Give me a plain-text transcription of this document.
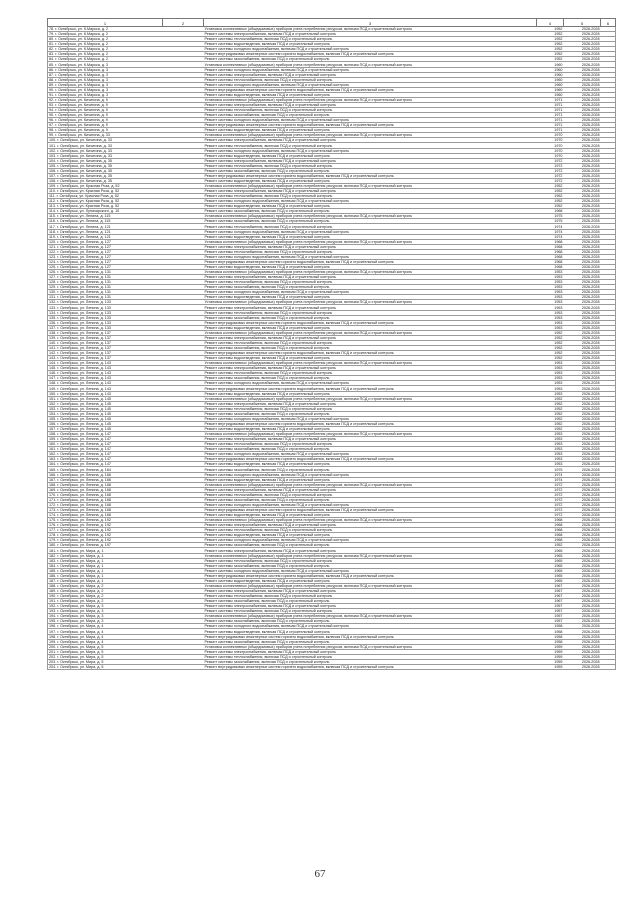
1	2	3	4	5	6
78. г. Октябрьск, ул. К.Маркса, д. 2		Установка коллективных (общедомовых) приборов учета потребления ресурсов, включая ПСД и строительный контроль	1952	2026-2028	
79. г. Октябрьск, ул. К.Маркса, д. 2		Ремонт системы электроснабжения, включая ПСД и строительный контроль	1952	2026-2028	
80. г. Октябрьск, ул. К.Маркса, д. 2		Ремонт системы теплоснабжения, включая ПСД и строительный контроль	1952	2026-2028	
81. г. Октябрьск, ул. К.Маркса, д. 2		Ремонт системы водоотведения, включая ПСД и строительный контроль	1952	2026-2028	
82. г. Октябрьск, ул. К.Маркса, д. 2		Ремонт системы холодного водоснабжения, включая ПСД и строительный контроль	1952	2026-2028	
83. г. Октябрьск, ул. К.Маркса, д. 2		Ремонт внутридомовых инженерных систем горячего водоснабжения, включая ПСД и строительный контроль	1952	2026-2028	
84. г. Октябрьск, ул. К.Маркса, д. 2		Ремонт системы газоснабжения, включая ПСД и строительный контроль	1952	2026-2028	
85. г. Октябрьск, ул. К.Маркса, д. 3		Установка коллективных (общедомовых) приборов учета потребления ресурсов, включая ПСД и строительный контроль	1960	2026-2028	
86. г. Октябрьск, ул. К.Маркса, д. 3		Ремонт системы холодного водоснабжения, включая ПСД и строительный контроль	1960	2026-2028	
87. г. Октябрьск, ул. К.Маркса, д. 3		Ремонт системы электроснабжения, включая ПСД и строительный контроль	1960	2026-2028	
88. г. Октябрьск, ул. К.Маркса, д. 3		Ремонт системы теплоснабжения, включая ПСД и строительный контроль	1960	2026-2028	
89. г. Октябрьск, ул. К.Маркса, д. 3		Ремонт системы холодного водоснабжения, включая ПСД и строительный контроль	1960	2026-2028	
90. г. Октябрьск, ул. К.Маркса, д. 3		Ремонт внутридомовых инженерных систем горячего водоснабжения, включая ПСД и строительный контроль	1960	2026-2028	
91. г. Октябрьск, ул. К.Маркса, д. 3		Ремонт системы водоотведения, включая ПСД и строительный контроль	1960	2026-2028	
92. г. Октябрьск, ул. Кичигина, д. 9		Установка коллективных (общедомовых) приборов учета потребления ресурсов, включая ПСД и строительный контроль	1971	2026-2028	
93. г. Октябрьск, ул. Кичигина, д. 9		Ремонт системы электроснабжения, включая ПСД и строительный контроль	1971	2026-2028	
94. г. Октябрьск, ул. Кичигина, д. 9		Ремонт системы теплоснабжения, включая ПСД и строительный контроль	1971	2026-2028	
95. г. Октябрьск, ул. Кичигина, д. 9		Ремонт системы газоснабжения, включая ПСД и строительный контроль	1971	2026-2028	
96. г. Октябрьск, ул. Кичигина, д. 9		Ремонт системы холодного водоснабжения, включая ПСД и строительный контроль	1971	2026-2028	
97. г. Октябрьск, ул. Кичигина, д. 9		Ремонт внутридомовых инженерных систем горячего водоснабжения, включая ПСД и строительный контроль	1971	2026-2028	
98. г. Октябрьск, ул. Кичигина, д. 9		Ремонт системы водоотведения, включая ПСД и строительный контроль	1971	2026-2028	
99. г. Октябрьск, ул. Кичигина, д. 33		Установка коллективных (общедомовых) приборов учета потребления ресурсов, включая ПСД и строительный контроль	1970	2026-2028	
100. г. Октябрьск, ул. Кичигина, д. 33		Ремонт системы электроснабжения, включая ПСД и строительный контроль	1970	2026-2028	
101. г. Октябрьск, ул. Кичигина, д. 33		Ремонт системы теплоснабжения, включая ПСД и строительный контроль	1970	2026-2028	
102. г. Октябрьск, ул. Кичигина, д. 33		Ремонт системы холодного водоснабжения, включая ПСД и строительный контроль	1970	2026-2028	
103. г. Октябрьск, ул. Кичигина, д. 33		Ремонт системы водоотведения, включая ПСД и строительный контроль	1970	2026-2028	
104. г. Октябрьск, ул. Кичигина, д. 35		Ремонт системы электроснабжения, включая ПСД и строительный контроль	1972	2026-2028	
105. г. Октябрьск, ул. Кичигина, д. 35		Ремонт системы теплоснабжения, включая ПСД и строительный контроль	1972	2026-2028	
106. г. Октябрьск, ул. Кичигина, д. 35		Ремонт системы газоснабжения, включая ПСД и строительный контроль	1972	2026-2028	
107. г. Октябрьск, ул. Кичигина, д. 35		Ремонт внутридомовых инженерных систем горячего водоснабжения, включая ПСД и строительный контроль	1972	2026-2028	
108. г. Октябрьск, ул. Кичигина, д. 35		Ремонт системы водоотведения, включая ПСД и строительный контроль	1972	2026-2028	
109. г. Октябрьск, ул. Красная Роза, д. 52		Установка коллективных (общедомовых) приборов учета потребления ресурсов, включая ПСД и строительный контроль	1952	2026-2028	
110. г. Октябрьск, ул. Красная Роза, д. 52		Ремонт системы электроснабжения, включая ПСД и строительный контроль	1952	2026-2028	
111. г. Октябрьск, ул. Красная Роза, д. 52		Ремонт системы теплоснабжения, включая ПСД и строительный контроль	1952	2026-2028	
112. г. Октябрьск, ул. Красная Роза, д. 52		Ремонт системы холодного водоснабжения, включая ПСД и строительный контроль	1952	2026-2028	
113. г. Октябрьск, ул. Красная Роза, д. 52		Ремонт системы водоотведения, включая ПСД и строительный контроль	1952	2026-2028	
114. г. Октябрьск, ул. Луначарского, д. 10		Ремонт системы газоснабжения, включая ПСД и строительный контроль	1968	2026-2028	
115. г. Октябрьск, ул. Ленина, д. 115		Установка коллективных (общедомовых) приборов учета потребления ресурсов, включая ПСД и строительный контроль	1975	2026-2028	
116. г. Октябрьск, ул. Ленина, д. 115		Ремонт системы газоснабжения, включая ПСД и строительный контроль	1975	2026-2028	
117. г. Октябрьск, ул. Ленина, д. 121		Ремонт системы теплоснабжения, включая ПСД и строительный контроль	1974	2026-2028	
118. г. Октябрьск, ул. Ленина, д. 121		Ремонт системы холодного водоснабжения, включая ПСД и строительный контроль	1974	2026-2028	
119. г. Октябрьск, ул. Ленина, д. 121		Ремонт системы водоотведения, включая ПСД и строительный контроль	1974	2026-2028	
120. г. Октябрьск, ул. Ленина, д. 127		Установка коллективных (общедомовых) приборов учета потребления ресурсов, включая ПСД и строительный контроль	1968	2026-2028	
121. г. Октябрьск, ул. Ленина, д. 127		Ремонт системы электроснабжения, включая ПСД и строительный контроль	1968	2026-2028	
122. г. Октябрьск, ул. Ленина, д. 127		Ремонт системы теплоснабжения, включая ПСД и строительный контроль	1968	2026-2028	
123. г. Октябрьск, ул. Ленина, д. 127		Ремонт системы холодного водоснабжения, включая ПСД и строительный контроль	1968	2026-2028	
124. г. Октябрьск, ул. Ленина, д. 127		Ремонт внутридомовых инженерных систем горячего водоснабжения, включая ПСД и строительный контроль	1968	2026-2028	
125. г. Октябрьск, ул. Ленина, д. 127		Ремонт системы водоотведения, включая ПСД и строительный контроль	1968	2026-2028	
126. г. Октябрьск, ул. Ленина, д. 131		Установка коллективных (общедомовых) приборов учета потребления ресурсов, включая ПСД и строительный контроль	1953	2026-2028	
127. г. Октябрьск, ул. Ленина, д. 131		Ремонт системы электроснабжения, включая ПСД и строительный контроль	1953	2026-2028	
128. г. Октябрьск, ул. Ленина, д. 131		Ремонт системы теплоснабжения, включая ПСД и строительный контроль	1953	2026-2028	
129. г. Октябрьск, ул. Ленина, д. 131		Ремонт системы газоснабжения, включая ПСД и строительный контроль	1953	2026-2028	
130. г. Октябрьск, ул. Ленина, д. 131		Ремонт системы холодного водоснабжения, включая ПСД и строительный контроль	1953	2026-2028	
131. г. Октябрьск, ул. Ленина, д. 131		Ремонт системы водоотведения, включая ПСД и строительный контроль	1953	2026-2028	
132. г. Октябрьск, ул. Ленина, д. 133		Установка коллективных (общедомовых) приборов учета потребления ресурсов, включая ПСД и строительный контроль	1953	2026-2028	
133. г. Октябрьск, ул. Ленина, д. 133		Ремонт системы электроснабжения, включая ПСД и строительный контроль	1953	2026-2028	
134. г. Октябрьск, ул. Ленина, д. 133		Ремонт системы теплоснабжения, включая ПСД и строительный контроль	1953	2026-2028	
135. г. Октябрьск, ул. Ленина, д. 133		Ремонт системы газоснабжения, включая ПСД и строительный контроль	1953	2026-2028	
136. г. Октябрьск, ул. Ленина, д. 133		Ремонт внутридомовых инженерных систем горячего водоснабжения, включая ПСД и строительный контроль	1953	2026-2028	
137. г. Октябрьск, ул. Ленина, д. 133		Ремонт системы водоотведения, включая ПСД и строительный контроль	1953	2026-2028	
138. г. Октябрьск, ул. Ленина, д. 137		Установка коллективных (общедомовых) приборов учета потребления ресурсов, включая ПСД и строительный контроль	1952	2026-2028	
139. г. Октябрьск, ул. Ленина, д. 137		Ремонт системы электроснабжения, включая ПСД и строительный контроль	1952	2026-2028	
140. г. Октябрьск, ул. Ленина, д. 137		Ремонт системы теплоснабжения, включая ПСД и строительный контроль	1952	2026-2028	
141. г. Октябрьск, ул. Ленина, д. 137		Ремонт системы газоснабжения, включая ПСД и строительный контроль	1952	2026-2028	
142. г. Октябрьск, ул. Ленина, д. 137		Ремонт внутридомовых инженерных систем горячего водоснабжения, включая ПСД и строительный контроль	1952	2026-2028	
143. г. Октябрьск, ул. Ленина, д. 137		Ремонт системы водоотведения, включая ПСД и строительный контроль	1952	2026-2028	
144. г. Октябрьск, ул. Ленина, д. 143		Установка коллективных (общедомовых) приборов учета потребления ресурсов, включая ПСД и строительный контроль	1953	2026-2028	
145. г. Октябрьск, ул. Ленина, д. 143		Ремонт системы электроснабжения, включая ПСД и строительный контроль	1953	2026-2028	
146. г. Октябрьск, ул. Ленина, д. 143		Ремонт системы теплоснабжения, включая ПСД и строительный контроль	1953	2026-2028	
147. г. Октябрьск, ул. Ленина, д. 143		Ремонт системы газоснабжения, включая ПСД и строительный контроль	1953	2026-2028	
148. г. Октябрьск, ул. Ленина, д. 143		Ремонт системы холодного водоснабжения, включая ПСД и строительный контроль	1953	2026-2028	
149. г. Октябрьск, ул. Ленина, д. 143		Ремонт внутридомовых инженерных систем горячего водоснабжения, включая ПСД и строительный контроль	1953	2026-2028	
150. г. Октябрьск, ул. Ленина, д. 143		Ремонт системы водоотведения, включая ПСД и строительный контроль	1953	2026-2028	
151. г. Октябрьск, ул. Ленина, д. 145		Установка коллективных (общедомовых) приборов учета потребления ресурсов, включая ПСД и строительный контроль	1952	2026-2028	
152. г. Октябрьск, ул. Ленина, д. 145		Ремонт системы электроснабжения, включая ПСД и строительный контроль	1952	2026-2028	
153. г. Октябрьск, ул. Ленина, д. 145		Ремонт системы теплоснабжения, включая ПСД и строительный контроль	1952	2026-2028	
154. г. Октябрьск, ул. Ленина, д. 145		Ремонт системы газоснабжения, включая ПСД и строительный контроль	1952	2026-2028	
155. г. Октябрьск, ул. Ленина, д. 145		Ремонт системы холодного водоснабжения, включая ПСД и строительный контроль	1952	2026-2028	
156. г. Октябрьск, ул. Ленина, д. 145		Ремонт внутридомовых инженерных систем горячего водоснабжения, включая ПСД и строительный контроль	1952	2026-2028	
157. г. Октябрьск, ул. Ленина, д. 145		Ремонт системы водоотведения, включая ПСД и строительный контроль	1952	2026-2028	
158. г. Октябрьск, ул. Ленина, д. 147		Установка коллективных (общедомовых) приборов учета потребления ресурсов, включая ПСД и строительный контроль	1953	2026-2028	
159. г. Октябрьск, ул. Ленина, д. 147		Ремонт системы электроснабжения, включая ПСД и строительный контроль	1953	2026-2028	
160. г. Октябрьск, ул. Ленина, д. 147		Ремонт системы теплоснабжения, включая ПСД и строительный контроль	1953	2026-2028	
161. г. Октябрьск, ул. Ленина, д. 147		Ремонт системы газоснабжения, включая ПСД и строительный контроль	1953	2026-2028	
162. г. Октябрьск, ул. Ленина, д. 147		Ремонт системы холодного водоснабжения, включая ПСД и строительный контроль	1953	2026-2028	
163. г. Октябрьск, ул. Ленина, д. 147		Ремонт внутридомовых инженерных систем горячего водоснабжения, включая ПСД и строительный контроль	1953	2026-2028	
164. г. Октябрьск, ул. Ленина, д. 147		Ремонт системы водоотведения, включая ПСД и строительный контроль	1953	2026-2028	
165. г. Октябрьск, ул. Ленина, д. 164		Ремонт системы газоснабжения, включая ПСД и строительный контроль	1975	2026-2028	
166. г. Октябрьск, ул. Ленина, д. 166		Ремонт системы холодного водоснабжения, включая ПСД и строительный контроль	1974	2026-2028	
167. г. Октябрьск, ул. Ленина, д. 166		Ремонт системы водоотведения, включая ПСД и строительный контроль	1974	2026-2028	
168. г. Октябрьск, ул. Ленина, д. 168		Установка коллективных (общедомовых) приборов учета потребления ресурсов, включая ПСД и строительный контроль	1972	2026-2028	
169. г. Октябрьск, ул. Ленина, д. 168		Ремонт системы электроснабжения, включая ПСД и строительный контроль	1972	2026-2028	
170. г. Октябрьск, ул. Ленина, д. 168		Ремонт системы теплоснабжения, включая ПСД и строительный контроль	1972	2026-2028	
171. г. Октябрьск, ул. Ленина, д. 168		Ремонт системы газоснабжения, включая ПСД и строительный контроль	1972	2026-2028	
172. г. Октябрьск, ул. Ленина, д. 168		Ремонт системы холодного водоснабжения, включая ПСД и строительный контроль	1972	2026-2028	
173. г. Октябрьск, ул. Ленина, д. 168		Ремонт внутридомовых инженерных систем горячего водоснабжения, включая ПСД и строительный контроль	1972	2026-2028	
174. г. Октябрьск, ул. Ленина, д. 168		Ремонт системы водоотведения, включая ПСД и строительный контроль	1972	2026-2028	
175. г. Октябрьск, ул. Ленина, д. 192		Установка коллективных (общедомовых) приборов учета потребления ресурсов, включая ПСД и строительный контроль	1968	2026-2028	
176. г. Октябрьск, ул. Ленина, д. 192		Ремонт системы электроснабжения, включая ПСД и строительный контроль	1968	2026-2028	
177. г. Октябрьск, ул. Ленина, д. 192		Ремонт системы теплоснабжения, включая ПСД и строительный контроль	1968	2026-2028	
178. г. Октябрьск, ул. Ленина, д. 192		Ремонт системы водоотведения, включая ПСД и строительный контроль	1968	2026-2028	
179. г. Октябрьск, ул. Ленина, д. 192		Ремонт системы холодного водоснабжения, включая ПСД и строительный контроль	1968	2026-2028	
180. г. Октябрьск, ул. Ленина, д. 197		Ремонт системы газоснабжения, включая ПСД и строительный контроль	1952	2026-2028	
181. г. Октябрьск, ул. Мира, д. 1		Ремонт системы электроснабжения, включая ПСД и строительный контроль	1965	2026-2028	
182. г. Октябрьск, ул. Мира, д. 1		Установка коллективных (общедомовых) приборов учета потребления ресурсов, включая ПСД и строительный контроль	1965	2026-2028	
183. г. Октябрьск, ул. Мира, д. 1		Ремонт системы теплоснабжения, включая ПСД и строительный контроль	1965	2026-2028	
184. г. Октябрьск, ул. Мира, д. 1		Ремонт системы газоснабжения, включая ПСД и строительный контроль	1965	2026-2028	
185. г. Октябрьск, ул. Мира, д. 1		Ремонт системы холодного водоснабжения, включая ПСД и строительный контроль	1965	2026-2028	
186. г. Октябрьск, ул. Мира, д. 1		Ремонт внутридомовых инженерных систем горячего водоснабжения, включая ПСД и строительный контроль	1965	2026-2028	
187. г. Октябрьск, ул. Мира, д. 1		Ремонт системы водоотведения, включая ПСД и строительный контроль	1965	2026-2028	
188. г. Октябрьск, ул. Мира, д. 2		Установка коллективных (общедомовых) приборов учета потребления ресурсов, включая ПСД и строительный контроль	1967	2026-2028	
189. г. Октябрьск, ул. Мира, д. 2		Ремонт системы электроснабжения, включая ПСД и строительный контроль	1967	2026-2028	
190. г. Октябрьск, ул. Мира, д. 2		Ремонт системы теплоснабжения, включая ПСД и строительный контроль	1967	2026-2028	
191. г. Октябрьск, ул. Мира, д. 2		Ремонт системы газоснабжения, включая ПСД и строительный контроль	1967	2026-2028	
192. г. Октябрьск, ул. Мира, д. 3		Ремонт системы электроснабжения, включая ПСД и строительный контроль	1957	2026-2028	
193. г. Октябрьск, ул. Мира, д. 3		Ремонт системы теплоснабжения, включая ПСД и строительный контроль	1957	2026-2028	
194. г. Октябрьск, ул. Мира, д. 3		Установка коллективных (общедомовых) приборов учета потребления ресурсов, включая ПСД и строительный контроль	1957	2026-2028	
195. г. Октябрьск, ул. Мира, д. 3		Ремонт системы газоснабжения, включая ПСД и строительный контроль	1957	2026-2028	
196. г. Октябрьск, ул. Мира, д. 4		Ремонт системы холодного водоснабжения, включая ПСД и строительный контроль	1958	2026-2028	
197. г. Октябрьск, ул. Мира, д. 4		Ремонт системы водоотведения, включая ПСД и строительный контроль	1958	2026-2028	
198. г. Октябрьск, ул. Мира, д. 4		Ремонт внутридомовых инженерных систем горячего водоснабжения, включая ПСД и строительный контроль	1958	2026-2028	
199. г. Октябрьск, ул. Мира, д. 4		Ремонт системы газоснабжения, включая ПСД и строительный контроль	1958	2026-2028	
200. г. Октябрьск, ул. Мира, д. 5		Установка коллективных (общедомовых) приборов учета потребления ресурсов, включая ПСД и строительный контроль	1959	2026-2028	
201. г. Октябрьск, ул. Мира, д. 5		Ремонт системы электроснабжения, включая ПСД и строительный контроль	1959	2026-2028	
202. г. Октябрьск, ул. Мира, д. 5		Ремонт системы теплоснабжения, включая ПСД и строительный контроль	1959	2026-2028	
203. г. Октябрьск, ул. Мира, д. 5		Ремонт системы газоснабжения, включая ПСД и строительный контроль	1959	2026-2028	
204. г. Октябрьск, ул. Мира, д. 5		Ремонт внутридомовых инженерных систем горячего водоснабжения, включая ПСД и строительный контроль	1959	2026-2028	
67
